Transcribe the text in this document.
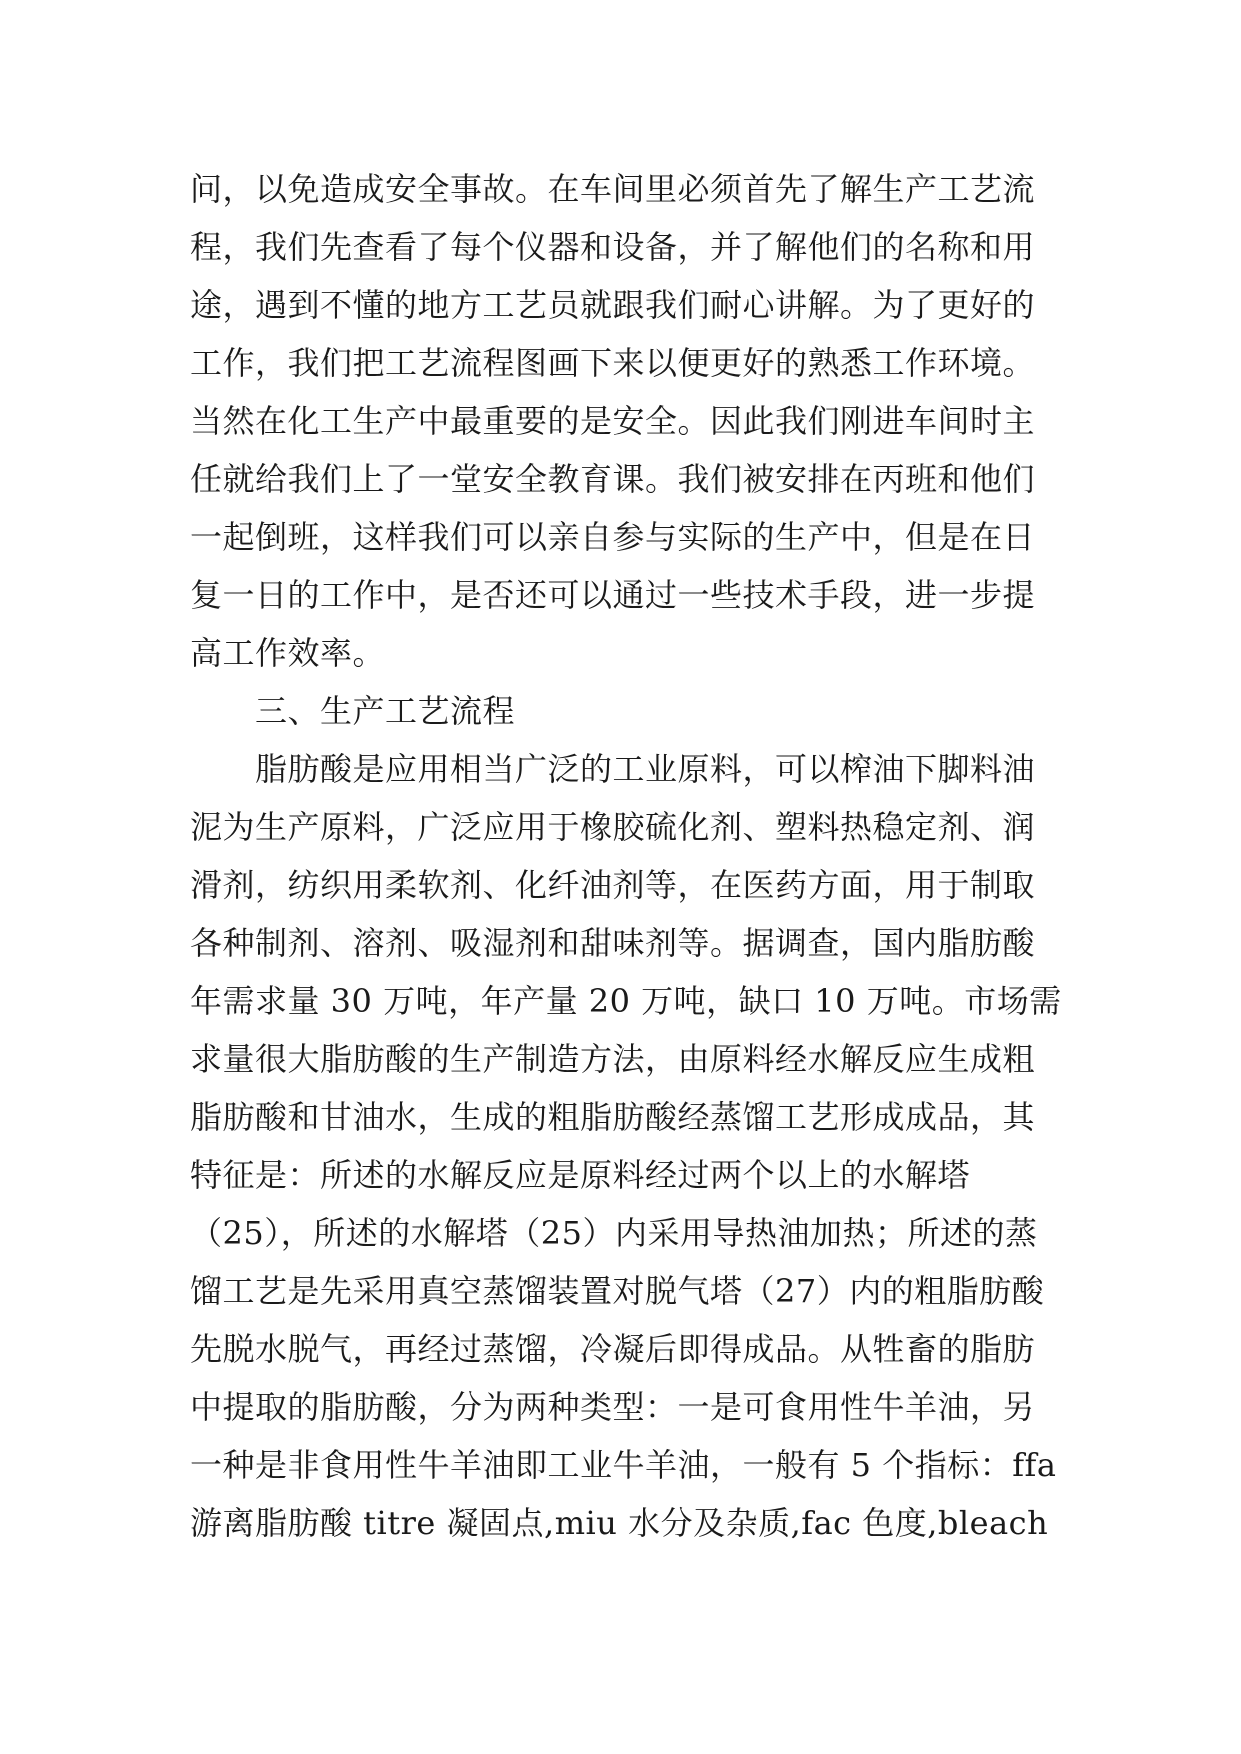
问，以免造成安全事故。在车间里必须首先了解生产工艺流
程，我们先查看了每个仪器和设备，并了解他们的名称和用
途，遇到不懂的地方工艺员就跟我们耐心讲解。为了更好的
工作，我们把工艺流程图画下来以便更好的熟悉工作环境。
当然在化工生产中最重要的是安全。因此我们刚进车间时主
任就给我们上了一堂安全教育课。我们被安排在丙班和他们
一起倒班，这样我们可以亲自参与实际的生产中，但是在日
复一日的工作中，是否还可以通过一些技术手段，进一步提
高工作效率。
　　三、生产工艺流程
　　脂肪酸是应用相当广泛的工业原料，可以榨油下脚料油
泥为生产原料，广泛应用于橡胶硫化剂、塑料热稳定剂、润
滑剂，纺织用柔软剂、化纤油剂等，在医药方面，用于制取
各种制剂、溶剂、吸湿剂和甜味剂等。据调查，国内脂肪酸
年需求量 30 万吨，年产量 20 万吨，缺口 10 万吨。市场需
求量很大脂肪酸的生产制造方法，由原料经水解反应生成粗
脂肪酸和甘油水，生成的粗脂肪酸经蒸馏工艺形成成品，其
特征是：所述的水解反应是原料经过两个以上的水解塔
（25），所述的水解塔（25）内采用导热油加热；所述的蒸
馏工艺是先采用真空蒸馏装置对脱气塔（27）内的粗脂肪酸
先脱水脱气，再经过蒸馏，冷凝后即得成品。从牲畜的脂肪
中提取的脂肪酸，分为两种类型：一是可食用性牛羊油，另
一种是非食用性牛羊油即工业牛羊油，一般有 5 个指标：ffa
游离脂肪酸 titre 凝固点,miu 水分及杂质,fac 色度,bleach
